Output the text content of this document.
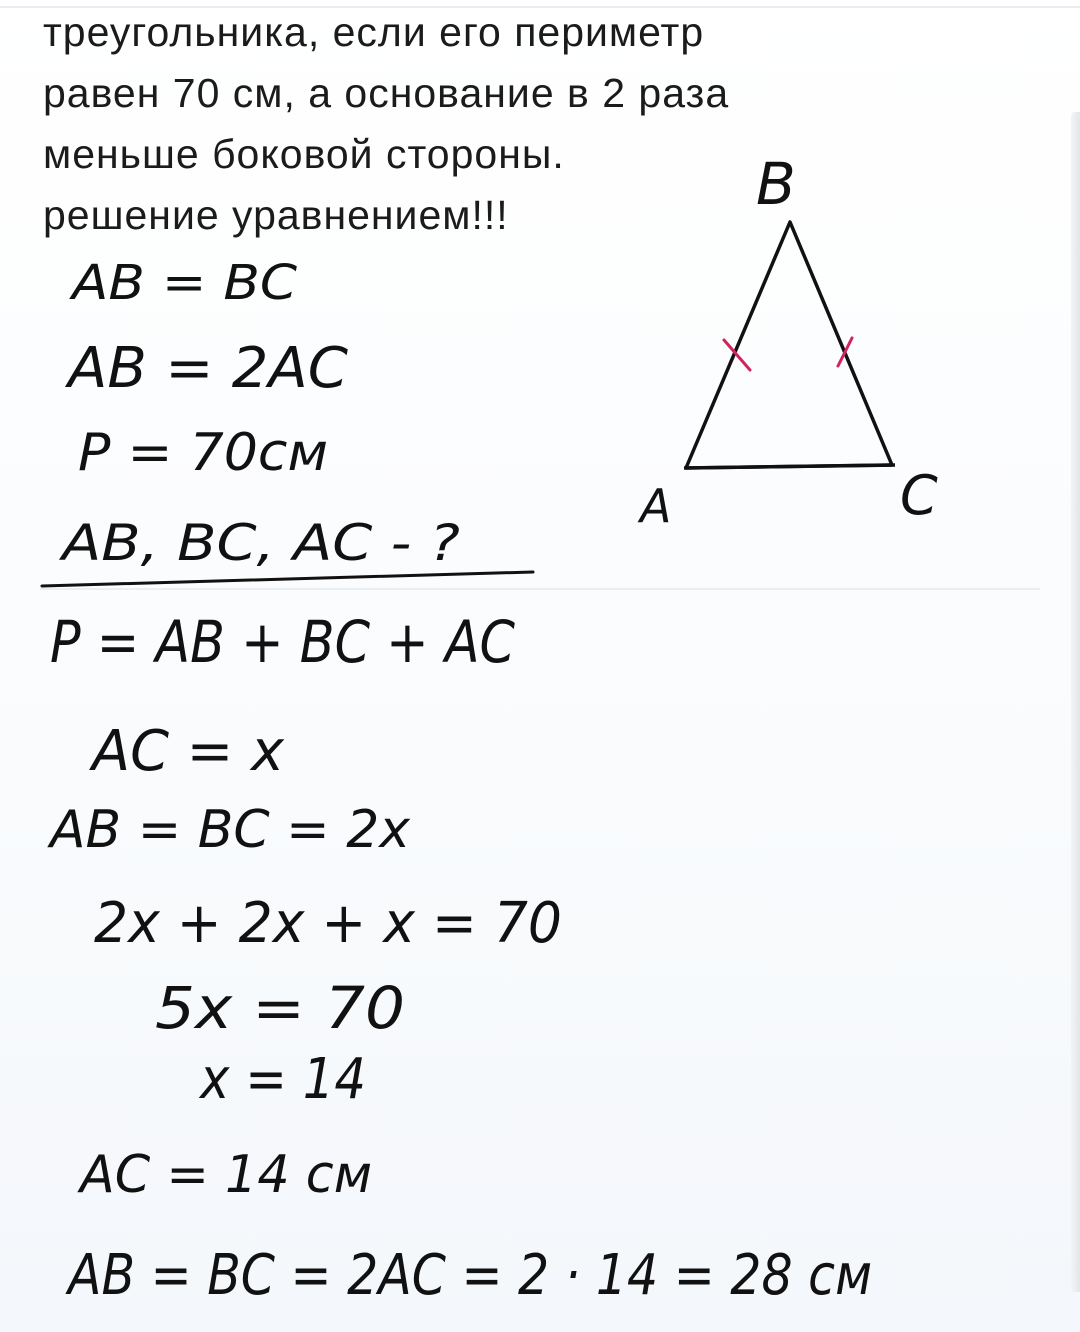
треугольника, если его периметр
равен 70 см, а основание в 2 раза
меньше боковой стороны.
решение уравнением!!!
AB = BC
AB = 2AC
P = 70см
AB, BC, AC - ?
B
A	C
P = AB + BC + AC
AC = x
AB = BC = 2x
2x + 2x + x = 70
5x = 70
x = 14
AC = 14 см
AB = BC = 2AC = 2 · 14 = 28 см
